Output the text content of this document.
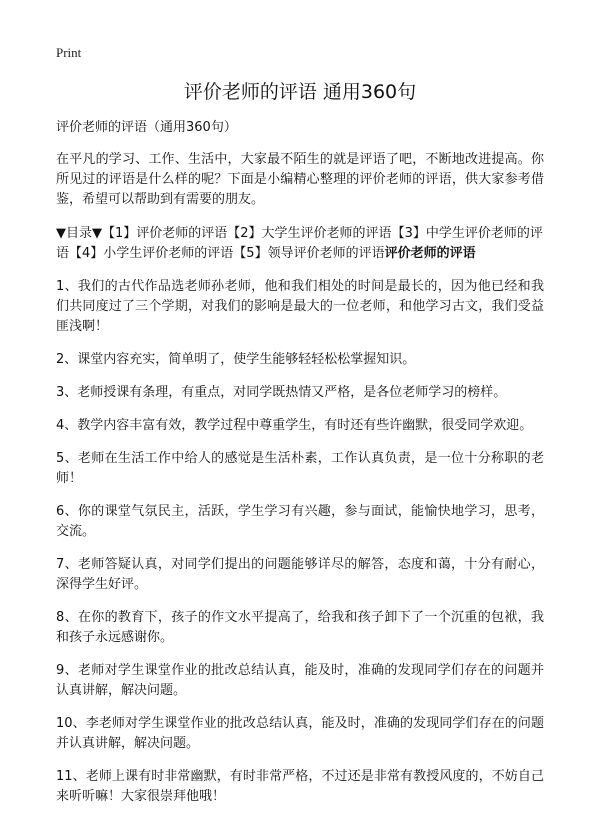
Print
评价老师的评语 通用360句

评价老师的评语（通用360句）

在平凡的学习、工作、生活中，大家最不陌生的就是评语了吧，不断地改进提高。你所见过的评语是什么样的呢？下面是小编精心整理的评价老师的评语，供大家参考借鉴，希望可以帮助到有需要的朋友。

▼目录▼【1】评价老师的评语【2】大学生评价老师的评语【3】中学生评价老师的评语【4】小学生评价老师的评语【5】领导评价老师的评语评价老师的评语

1、我们的古代作品选老师孙老师，他和我们相处的时间是最长的，因为他已经和我们共同度过了三个学期，对我们的影响是最大的一位老师，和他学习古文，我们受益匪浅啊！

2、课堂内容充实，简单明了，使学生能够轻轻松松掌握知识。

3、老师授课有条理，有重点，对同学既热情又严格，是各位老师学习的榜样。

4、教学内容丰富有效，教学过程中尊重学生，有时还有些许幽默，很受同学欢迎。

5、老师在生活工作中给人的感觉是生活朴素，工作认真负责，是一位十分称职的老师！

6、你的课堂气氛民主，活跃，学生学习有兴趣，参与面试，能愉快地学习，思考，交流。

7、老师答疑认真，对同学们提出的问题能够详尽的解答，态度和蔼，十分有耐心，深得学生好评。

8、在你的教育下，孩子的作文水平提高了，给我和孩子卸下了一个沉重的包袱，我和孩子永远感谢你。

9、老师对学生课堂作业的批改总结认真，能及时，准确的发现同学们存在的问题并认真讲解，解决问题。

10、李老师对学生课堂作业的批改总结认真，能及时，准确的发现同学们存在的问题并认真讲解，解决问题。

11、老师上课有时非常幽默，有时非常严格，不过还是非常有教授风度的，不妨自己来听听嘛！大家很崇拜他哦！
